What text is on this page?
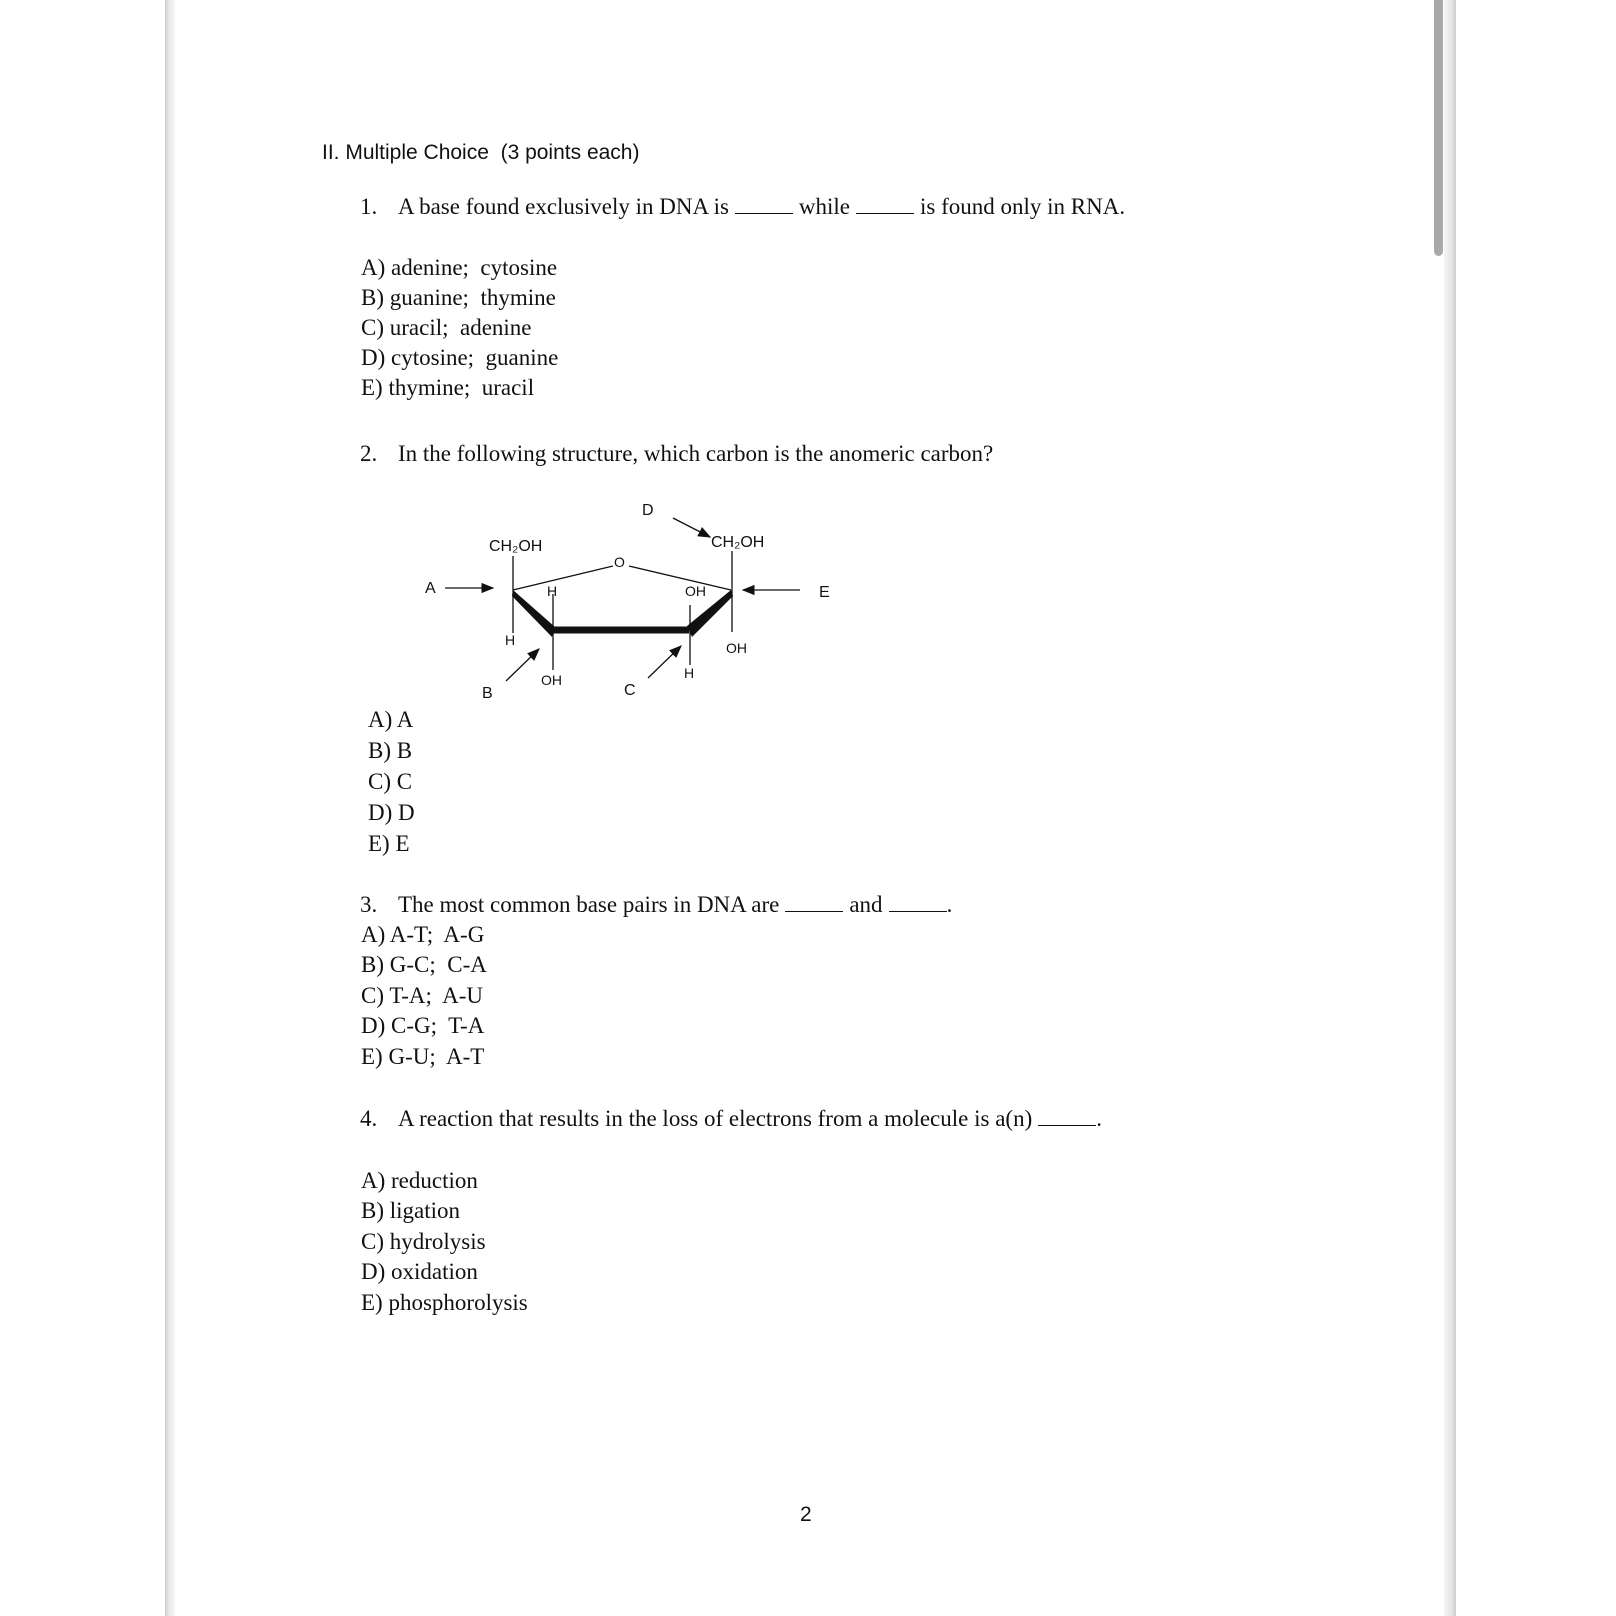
II. Multiple Choice  (3 points each)
1. A base found exclusively in DNA is	while	is found only in RNA.
A) adenine;  cytosine
B) guanine;  thymine
C) uracil;  adenine
D) cytosine;  guanine
E) thymine;  uracil
2. In the following structure, which carbon is the anomeric carbon?
CH₂OH	CH₂OH
O
H	OH
H	OH
OH	H
A
B	C
D
E
A) A
B) B
C) C
D) D
E) E
3. The most common base pairs in DNA are	and	.
A) A-T;  A-G
B) G-C;  C-A
C) T-A;  A-U
D) C-G;  T-A
E) G-U;  A-T
4. A reaction that results in the loss of electrons from a molecule is a(n)	.
A) reduction
B) ligation
C) hydrolysis
D) oxidation
E) phosphorolysis
2
